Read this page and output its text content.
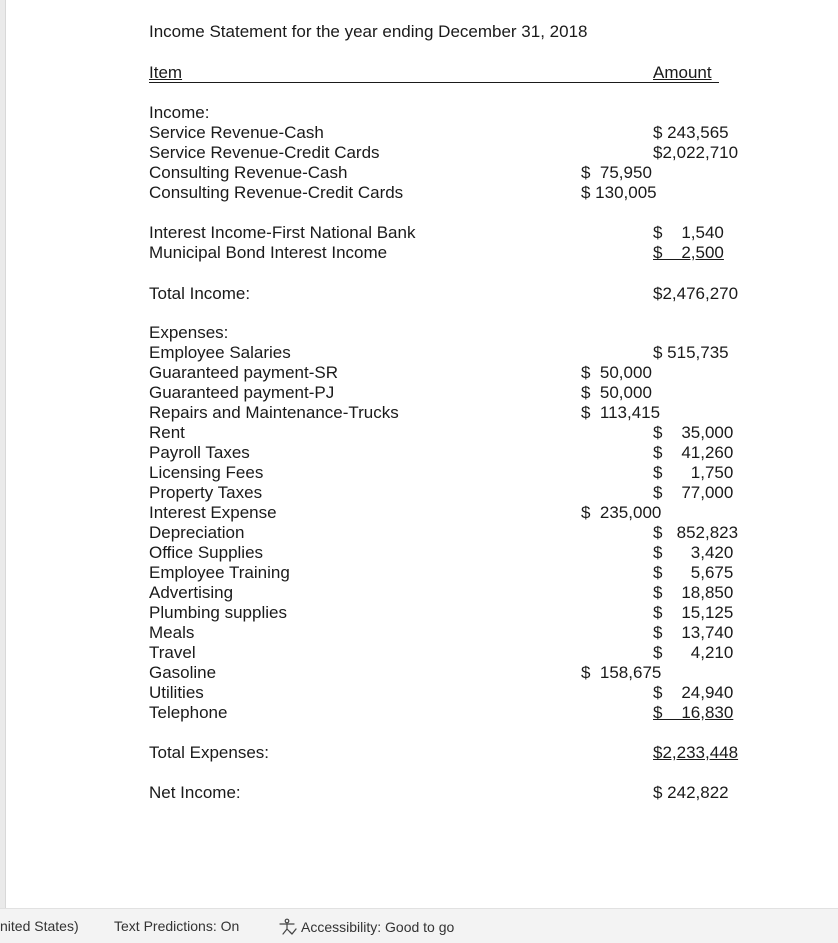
Income Statement for the year ending December 31, 2018
Item	Amount
Income:
Service Revenue-Cash	$ 243,565
Service Revenue-Credit Cards	$2,022,710
Consulting Revenue-Cash	$  75,950
Consulting Revenue-Credit Cards	$ 130,005
Interest Income-First National Bank	$    1,540
Municipal Bond Interest Income	$    2,500
Total Income:	$2,476,270
Expenses:
Employee Salaries	$ 515,735
Guaranteed payment-SR	$  50,000
Guaranteed payment-PJ	$  50,000
Repairs and Maintenance-Trucks	$  113,415
Rent	$    35,000
Payroll Taxes	$    41,260
Licensing Fees	$      1,750
Property Taxes	$    77,000
Interest Expense	$  235,000
Depreciation	$   852,823
Office Supplies	$      3,420
Employee Training	$      5,675
Advertising	$    18,850
Plumbing supplies	$    15,125
Meals	$    13,740
Travel	$      4,210
Gasoline	$  158,675
Utilities	$    24,940
Telephone	$    16,830
Total Expenses:	$2,233,448
Net Income:	$ 242,822
nited States)	Text Predictions: On	Accessibility: Good to go
